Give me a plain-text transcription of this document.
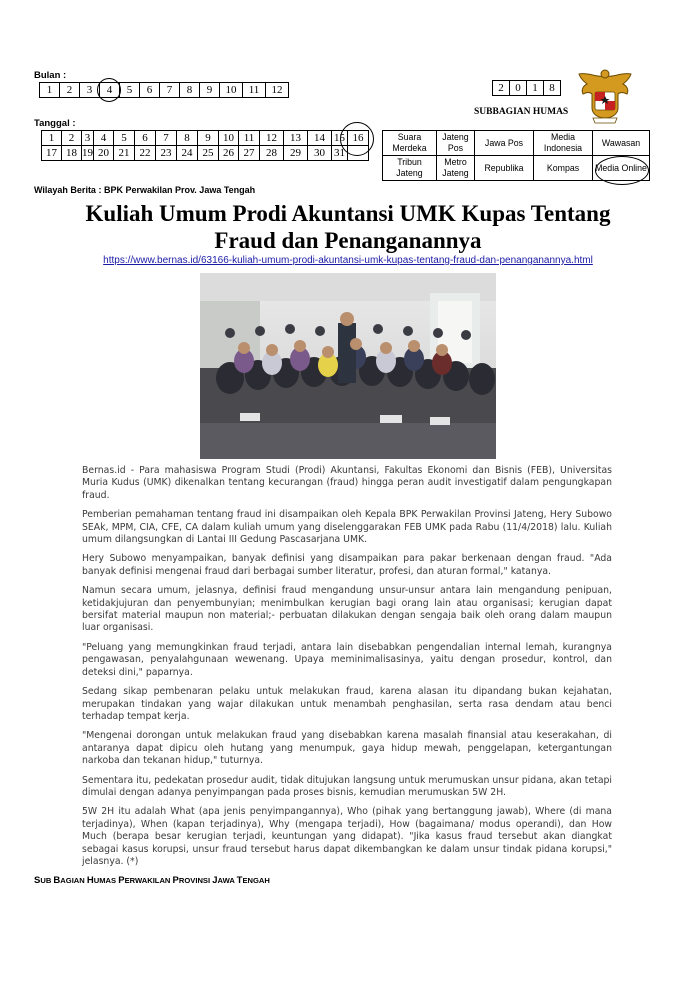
Bulan :
1	2	3	4	5	6	7	8	9	10	11	12
Tanggal :
1	2	3	4	5	6	7	8	9	10	11	12	13	14	15	16
17	18	19	20	21	22	23	24	25	26	27	28	29	30	31	
2	0	1	8
SUBBAGIAN HUMAS
Suara Merdeka	Jateng Pos	Jawa Pos	Media Indonesia	Wawasan
Tribun Jateng	Metro Jateng	Republika	Kompas	Media Online
Wilayah Berita : BPK Perwakilan Prov. Jawa Tengah
Kuliah Umum Prodi Akuntansi UMK Kupas Tentang
Fraud dan Penanganannya
https://www.bernas.id/63166-kuliah-umum-prodi-akuntansi-umk-kupas-tentang-fraud-dan-penanganannya.html

Bernas.id - Para mahasiswa Program Studi (Prodi) Akuntansi, Fakultas Ekonomi dan Bisnis (FEB), Universitas Muria Kudus (UMK) dikenalkan tentang kecurangan (fraud) hingga peran audit investigatif dalam pengungkapan fraud.

Pemberian pemahaman tentang fraud ini disampaikan oleh Kepala BPK Perwakilan Provinsi Jateng, Hery Subowo SEAk, MPM, CIA, CFE, CA dalam kuliah umum yang diselenggarakan FEB UMK pada Rabu (11/4/2018) lalu. Kuliah umum dilangsungkan di Lantai III Gedung Pascasarjana UMK.

Hery Subowo menyampaikan, banyak definisi yang disampaikan para pakar berkenaan dengan fraud. "Ada banyak definisi mengenai fraud dari berbagai sumber literatur, profesi, dan aturan formal," katanya.

Namun secara umum, jelasnya, definisi fraud mengandung unsur-unsur antara lain mengandung penipuan, ketidakjujuran dan penyembunyian; menimbulkan kerugian bagi orang lain atau organisasi; kerugian dapat bersifat material maupun non material;- perbuatan dilakukan dengan sengaja baik oleh orang dalam maupun luar organisasi.

"Peluang yang memungkinkan fraud terjadi, antara lain disebabkan pengendalian internal lemah, kurangnya pengawasan, penyalahgunaan wewenang. Upaya meminimalisasinya, yaitu dengan prosedur, kontrol, dan deteksi dini," paparnya.

Sedang sikap pembenaran pelaku untuk melakukan fraud, karena alasan itu dipandang bukan kejahatan, merupakan tindakan yang wajar dilakukan untuk menambah penghasilan, serta rasa dendam atau benci terhadap tempat kerja.

"Mengenai dorongan untuk melakukan fraud yang disebabkan karena masalah finansial atau keserakahan, di antaranya dapat dipicu oleh hutang yang menumpuk, gaya hidup mewah, penggelapan, ketergantungan narkoba dan tekanan hidup," tuturnya.

Sementara itu, pedekatan prosedur audit, tidak ditujukan langsung untuk merumuskan unsur pidana, akan tetapi dimulai dengan adanya penyimpangan pada proses bisnis, kemudian merumuskan 5W 2H.

5W 2H itu adalah What (apa jenis penyimpangannya), Who (pihak yang bertanggung jawab), Where (di mana terjadinya), When (kapan terjadinya), Why (mengapa terjadi), How (bagaimana/ modus operandi), dan How Much (berapa besar kerugian terjadi, keuntungan yang didapat). "Jika kasus fraud tersebut akan diangkat sebagai kasus korupsi, unsur fraud tersebut harus dapat dikembangkan ke dalam unsur tindak pidana korupsi," jelasnya. (*)

SUB BAGIAN HUMAS PERWAKILAN PROVINSI JAWA TENGAH
